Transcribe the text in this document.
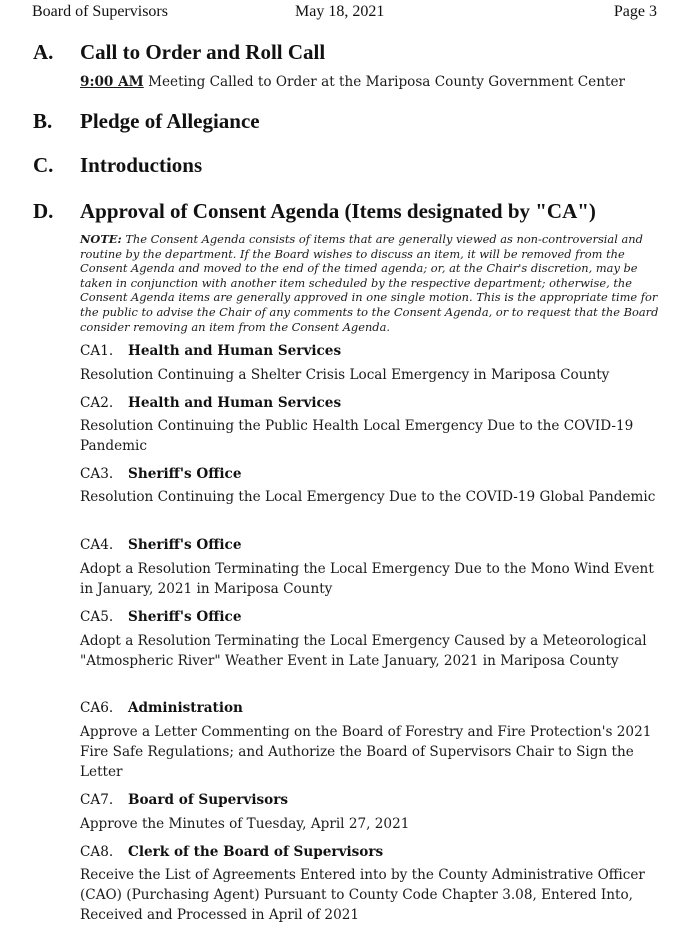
Board of Supervisors	May 18, 2021	Page 3
A. Call to Order and Roll Call
9:00 AM Meeting Called to Order at the Mariposa County Government Center
B. Pledge of Allegiance
C. Introductions
D. Approval of Consent Agenda (Items designated by "CA")
NOTE: The Consent Agenda consists of items that are generally viewed as non-controversial and routine by the department. If the Board wishes to discuss an item, it will be removed from the Consent Agenda and moved to the end of the timed agenda; or, at the Chair's discretion, may be taken in conjunction with another item scheduled by the respective department; otherwise, the Consent Agenda items are generally approved in one single motion. This is the appropriate time for the public to advise the Chair of any comments to the Consent Agenda, or to request that the Board consider removing an item from the Consent Agenda.
CA1. Health and Human Services
Resolution Continuing a Shelter Crisis Local Emergency in Mariposa County
CA2. Health and Human Services
Resolution Continuing the Public Health Local Emergency Due to the COVID-19 Pandemic
CA3. Sheriff's Office
Resolution Continuing the Local Emergency Due to the COVID-19 Global Pandemic
CA4. Sheriff's Office
Adopt a Resolution Terminating the Local Emergency Due to the Mono Wind Event in January, 2021 in Mariposa County
CA5. Sheriff's Office
Adopt a Resolution Terminating the Local Emergency Caused by a Meteorological "Atmospheric River" Weather Event in Late January, 2021 in Mariposa County
CA6. Administration
Approve a Letter Commenting on the Board of Forestry and Fire Protection's 2021 Fire Safe Regulations; and Authorize the Board of Supervisors Chair to Sign the Letter
CA7. Board of Supervisors
Approve the Minutes of Tuesday, April 27, 2021
CA8. Clerk of the Board of Supervisors
Receive the List of Agreements Entered into by the County Administrative Officer (CAO) (Purchasing Agent) Pursuant to County Code Chapter 3.08, Entered Into, Received and Processed in April of 2021
